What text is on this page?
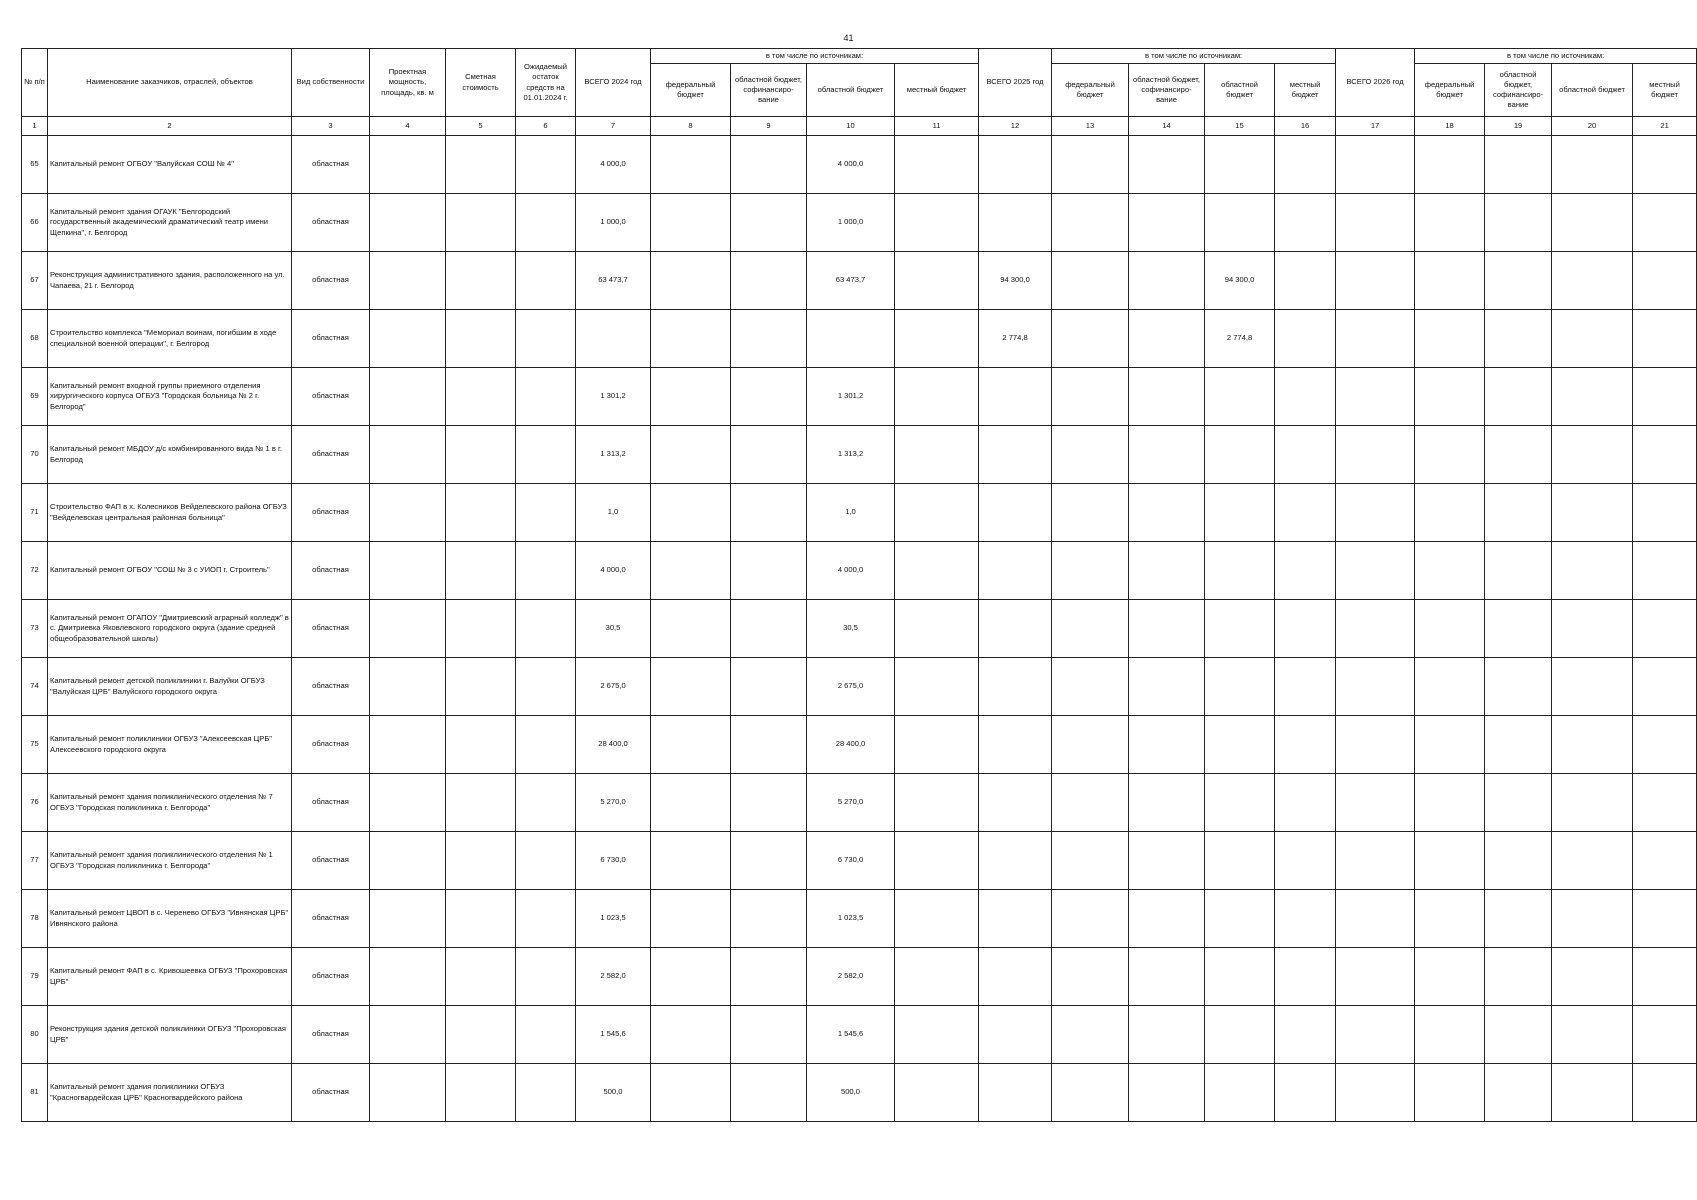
41
№ п/п	Наименование заказчиков, отраслей, объектов	Вид собственности	Проектная мощность, площадь, кв. м	Сметная стоимость	Ожидаемый остаток средств на 01.01.2024 г.	ВСЕГО 2024 год	в том числе по источникам:				ВСЕГО 2025 год	в том числе по источникам:				ВСЕГО 2026 год	в том числе по источникам:			
							федеральный бюджет	областной бюджет, софинансиро-вание	областной бюджет	местный бюджет		федеральный бюджет	областной бюджет, софинансиро-вание	областной бюджет	местный бюджет		федеральный бюджет	областной бюджет, софинансиро-вание	областной бюджет	местный бюджет
1	2	3	4	5	6	7	8	9	10	11	12	13	14	15	16	17	18	19	20	21
65	Капитальный ремонт ОГБОУ "Валуйская СОШ № 4"	областная				4 000,0			4 000,0											
66	Капитальный ремонт здания ОГАУК "Белгородский государственный академический драматический театр имени Щепкина", г. Белгород	областная				1 000,0			1 000,0											
67	Реконструкция административного здания, расположенного на ул. Чапаева, 21 г. Белгород	областная				63 473,7			63 473,7		94 300,0			94 300,0						
68	Строительство комплекса "Мемориал воинам, погибшим в ходе специальной военной операции", г. Белгород	областная									2 774,8			2 774,8						
69	Капитальный ремонт входной группы приемного отделения хирургического корпуса ОГБУЗ "Городская больница № 2 г. Белгород"	областная				1 301,2			1 301,2											
70	Капитальный ремонт МБДОУ д/с комбинированного вида № 1 в г. Белгород	областная				1 313,2			1 313,2											
71	Строительство ФАП в х. Колесников Вейделевского района ОГБУЗ "Вейделевская центральная районная больница"	областная				1,0			1,0											
72	Капитальный ремонт ОГБОУ "СОШ № 3 с УИОП г. Строитель"	областная				4 000,0			4 000,0											
73	Капитальный ремонт ОГАПОУ "Дмитриевский аграрный колледж" в с. Дмитриевка Яковлевского городского округа (здание средней общеобразовательной школы)	областная				30,5			30,5											
74	Капитальный ремонт детской поликлиники г. Валуйки ОГБУЗ "Валуйская ЦРБ" Валуйского городского округа	областная				2 675,0			2 675,0											
75	Капитальный ремонт поликлиники ОГБУЗ "Алексеевская ЦРБ" Алексеевского городского округа	областная				28 400,0			28 400,0											
76	Капитальный ремонт здания поликлинического отделения № 7 ОГБУЗ "Городская поликлиника г. Белгорода"	областная				5 270,0			5 270,0											
77	Капитальный ремонт здания поликлинического отделения № 1 ОГБУЗ "Городская поликлиника г. Белгорода"	областная				6 730,0			6 730,0											
78	Капитальный ремонт ЦВОП в с. Черенево ОГБУЗ "Ивнянская ЦРБ" Ивнянского района	областная				1 023,5			1 023,5											
79	Капитальный ремонт ФАП в с. Кривошеевка ОГБУЗ "Прохоровская ЦРБ"	областная				2 582,0			2 582,0											
80	Реконструкция здания детской поликлиники ОГБУЗ "Прохоровская ЦРБ"	областная				1 545,6			1 545,6											
81	Капитальный ремонт здания поликлиники ОГБУЗ "Красногвардейская ЦРБ" Красногвардейского района	областная				500,0			500,0											
